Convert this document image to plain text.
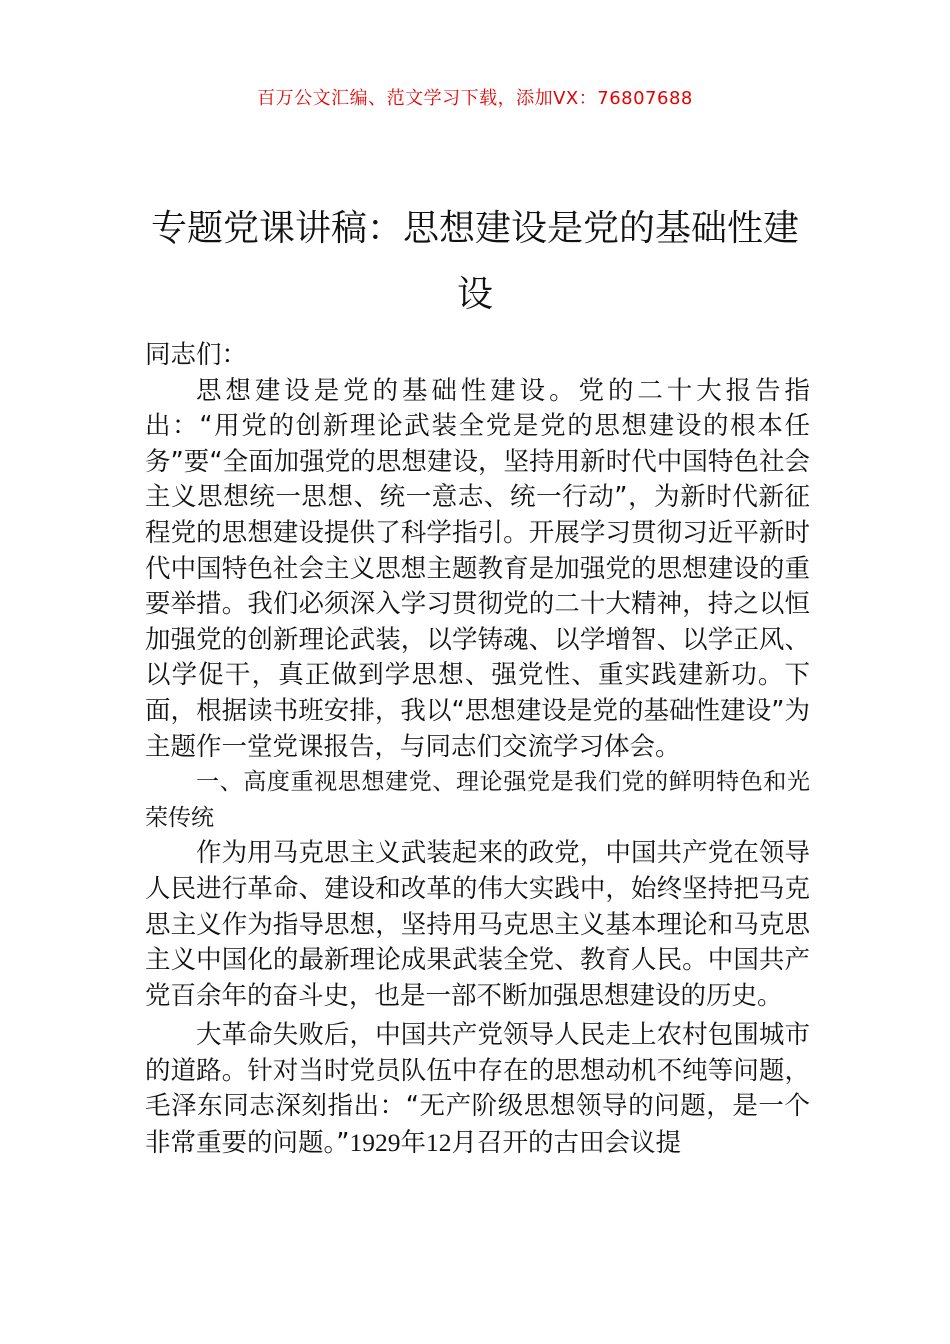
百万公文汇编、范文学习下载，添加VX：76807688
专题党课讲稿：思想建设是党的基础性建设

同志们：

思想建设是党的基础性建设。党的二十大报告指出：“用党的创新理论武装全党是党的思想建设的根本任务”要“全面加强党的思想建设，坚持用新时代中国特色社会主义思想统一思想、统一意志、统一行动”，为新时代新征程党的思想建设提供了科学指引。开展学习贯彻习近平新时代中国特色社会主义思想主题教育是加强党的思想建设的重要举措。我们必须深入学习贯彻党的二十大精神，持之以恒加强党的创新理论武装，以学铸魂、以学增智、以学正风、以学促干，真正做到学思想、强党性、重实践建新功。下面，根据读书班安排，我以“思想建设是党的基础性建设”为主题作一堂党课报告，与同志们交流学习体会。

一、高度重视思想建党、理论强党是我们党的鲜明特色和光荣传统

作为用马克思主义武装起来的政党，中国共产党在领导人民进行革命、建设和改革的伟大实践中，始终坚持把马克思主义作为指导思想，坚持用马克思主义基本理论和马克思主义中国化的最新理论成果武装全党、教育人民。中国共产党百余年的奋斗史，也是一部不断加强思想建设的历史。

大革命失败后，中国共产党领导人民走上农村包围城市的道路。针对当时党员队伍中存在的思想动机不纯等问题，毛泽东同志深刻指出：“无产阶级思想领导的问题，是一个非常重要的问题。”1929年12月召开的古田会议提
